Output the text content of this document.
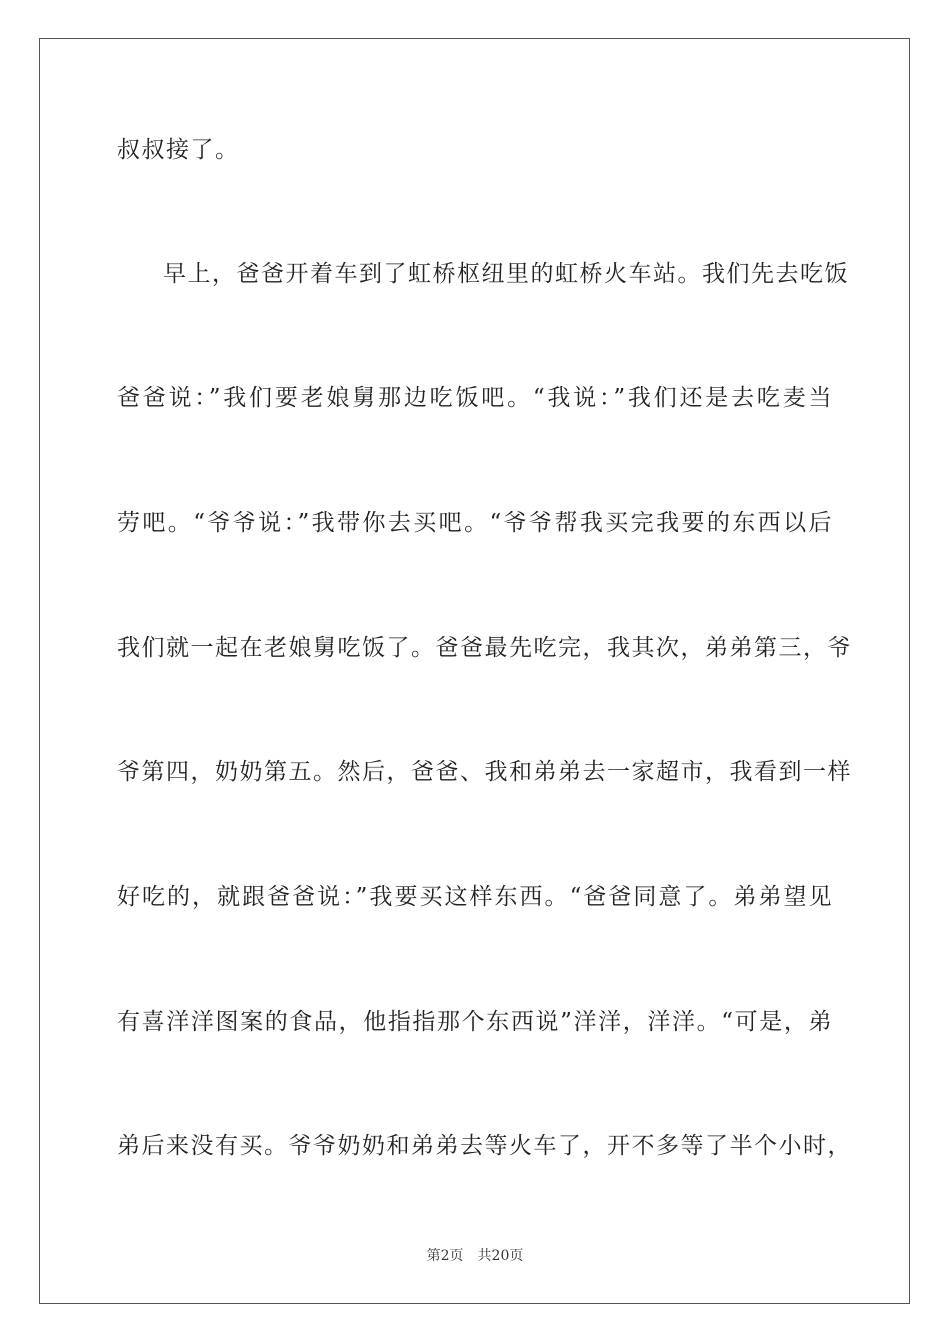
叔叔接了。
早上，爸爸开着车到了虹桥枢纽里的虹桥火车站。我们先去吃饭
爸爸说：”我们要老娘舅那边吃饭吧。“我说：”我们还是去吃麦当
劳吧。“爷爷说：”我带你去买吧。“爷爷帮我买完我要的东西以后
我们就一起在老娘舅吃饭了。爸爸最先吃完，我其次，弟弟第三，爷
爷第四，奶奶第五。然后，爸爸、我和弟弟去一家超市，我看到一样
好吃的，就跟爸爸说：”我要买这样东西。“爸爸同意了。弟弟望见
有喜洋洋图案的食品，他指指那个东西说”洋洋，洋洋。“可是，弟
弟后来没有买。爷爷奶奶和弟弟去等火车了，开不多等了半个小时，
第2页 共20页
